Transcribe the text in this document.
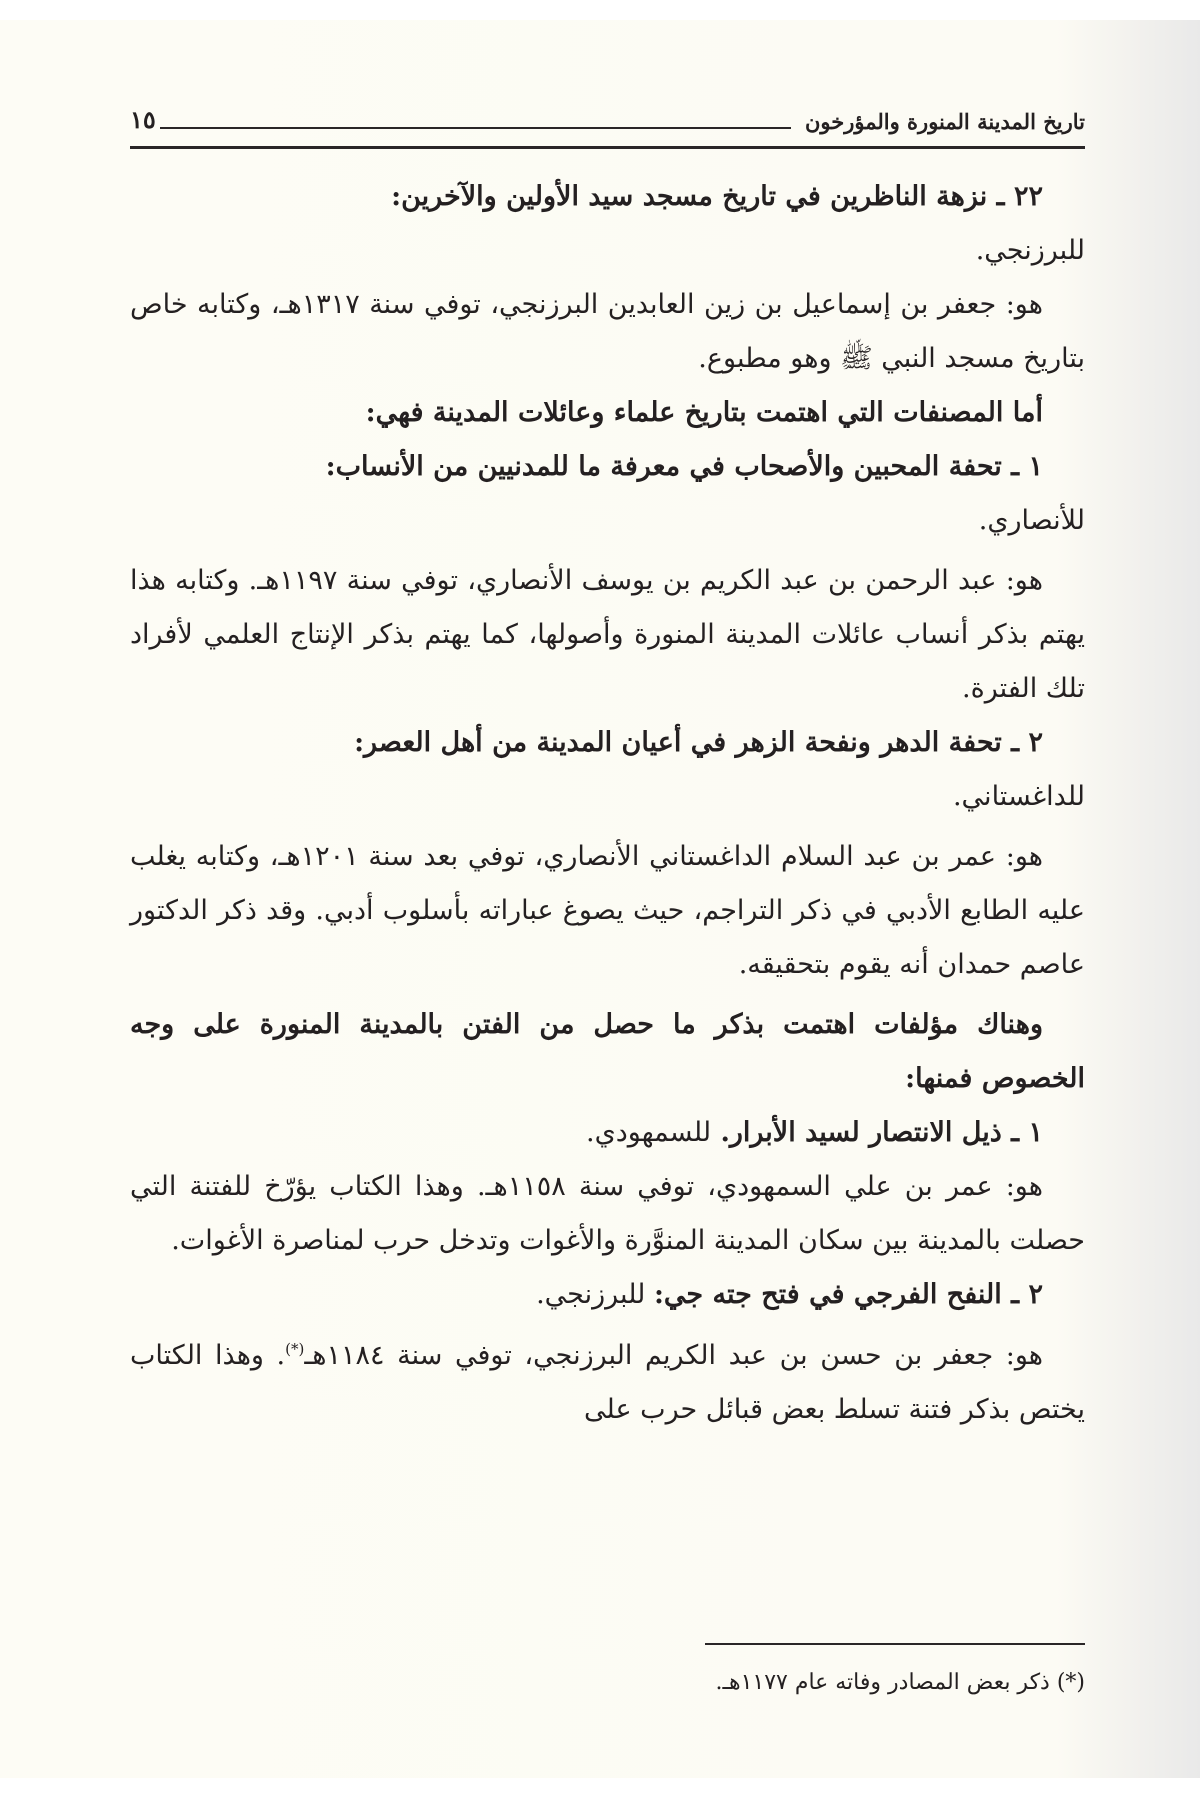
تاريخ المدينة المنورة والمؤرخون
١٥

٢٢ ـ نزهة الناظرين في تاريخ مسجد سيد الأولين والآخرين:

للبرزنجي.

هو: جعفر بن إسماعيل بن زين العابدين البرزنجي، توفي سنة ١٣١٧هـ، وكتابه خاص بتاريخ مسجد النبي ﷺ وهو مطبوع.

أما المصنفات التي اهتمت بتاريخ علماء وعائلات المدينة فهي:

١ ـ تحفة المحبين والأصحاب في معرفة ما للمدنيين من الأنساب:

للأنصاري.

هو: عبد الرحمن بن عبد الكريم بن يوسف الأنصاري، توفي سنة ١١٩٧هـ. وكتابه هذا يهتم بذكر أنساب عائلات المدينة المنورة وأصولها، كما يهتم بذكر الإنتاج العلمي لأفراد تلك الفترة.

٢ ـ تحفة الدهر ونفحة الزهر في أعيان المدينة من أهل العصر:

للداغستاني.

هو: عمر بن عبد السلام الداغستاني الأنصاري، توفي بعد سنة ١٢٠١هـ، وكتابه يغلب عليه الطابع الأدبي في ذكر التراجم، حيث يصوغ عباراته بأسلوب أدبي. وقد ذكر الدكتور عاصم حمدان أنه يقوم بتحقيقه.

وهناك مؤلفات اهتمت بذكر ما حصل من الفتن بالمدينة المنورة على وجه الخصوص فمنها:

١ ـ ذيل الانتصار لسيد الأبرار. للسمهودي.

هو: عمر بن علي السمهودي، توفي سنة ١١٥٨هـ. وهذا الكتاب يؤرّخ للفتنة التي حصلت بالمدينة بين سكان المدينة المنوَّرة والأغوات وتدخل حرب لمناصرة الأغوات.

٢ ـ النفح الفرجي في فتح جته جي: للبرزنجي.

هو: جعفر بن حسن بن عبد الكريم البرزنجي، توفي سنة ١١٨٤هـ(*). وهذا الكتاب يختص بذكر فتنة تسلط بعض قبائل حرب على

(*) ذكر بعض المصادر وفاته عام ١١٧٧هـ.
